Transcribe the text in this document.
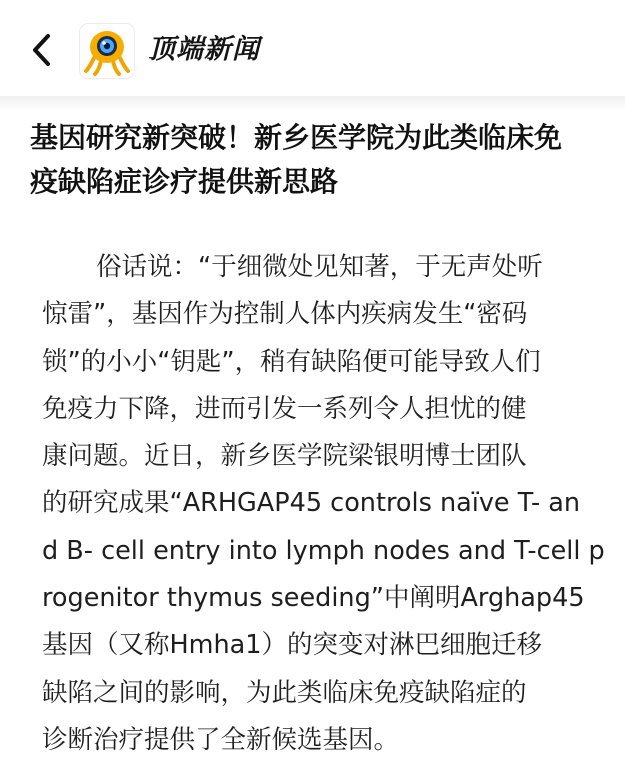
顶端新闻
基因研究新突破！新乡医学院为此类临床免
疫缺陷症诊疗提供新思路
俗话说：“于细微处见知著，于无声处听
惊雷”，基因作为控制人体内疾病发生“密码
锁”的小小“钥匙”，稍有缺陷便可能导致人们
免疫力下降，进而引发一系列令人担忧的健
康问题。近日，新乡医学院梁银明博士团队
的研究成果“ARHGAP45 controls naïve T- an
d B- cell entry into lymph nodes and T-cell p
rogenitor thymus seeding”中阐明Arghap45
基因（又称Hmha1）的突变对淋巴细胞迁移
缺陷之间的影响，为此类临床免疫缺陷症的
诊断治疗提供了全新候选基因。
